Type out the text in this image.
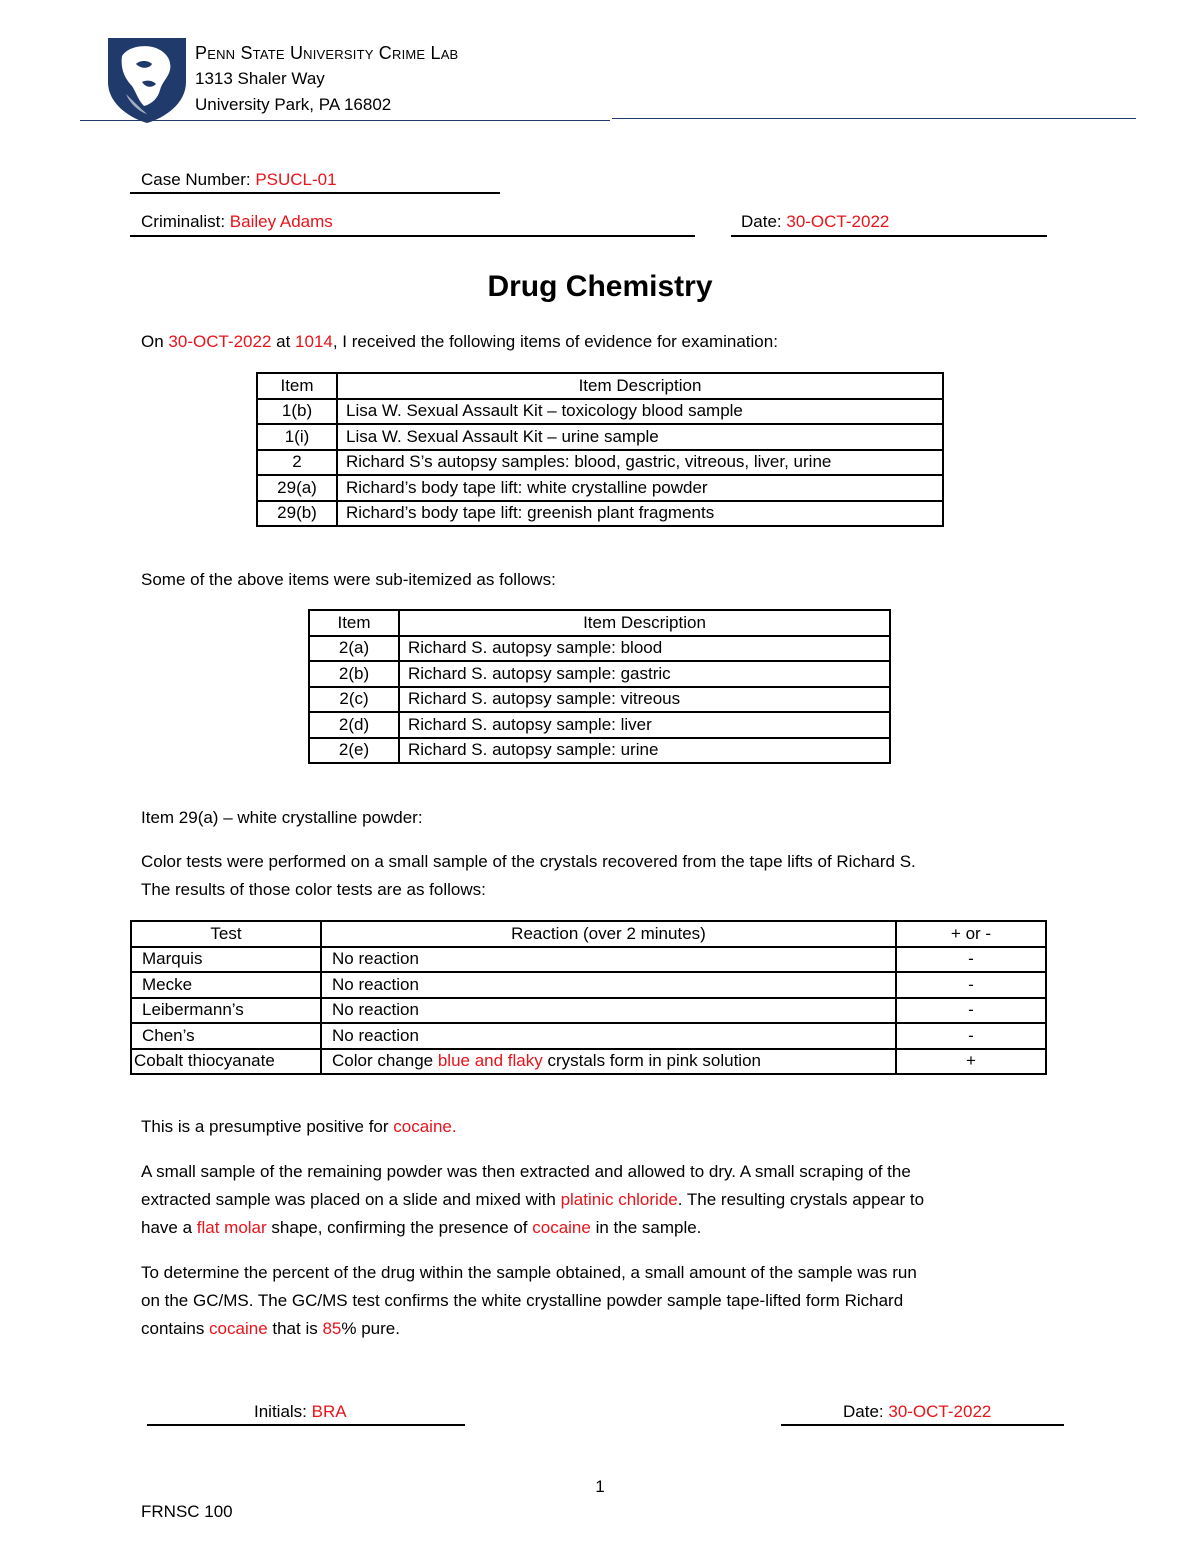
Penn State University Crime Lab
1313 Shaler Way
University Park, PA 16802
Case Number: PSUCL-01
Criminalist: Bailey Adams	Date: 30-OCT-2022
Drug Chemistry
On 30-OCT-2022 at 1014, I received the following items of evidence for examination:
Item	Item Description
1(b)	Lisa W. Sexual Assault Kit – toxicology blood sample
1(i)	Lisa W. Sexual Assault Kit – urine sample
2	Richard S’s autopsy samples: blood, gastric, vitreous, liver, urine
29(a)	Richard’s body tape lift: white crystalline powder
29(b)	Richard’s body tape lift: greenish plant fragments
Some of the above items were sub-itemized as follows:
Item	Item Description
2(a)	Richard S. autopsy sample: blood
2(b)	Richard S. autopsy sample: gastric
2(c)	Richard S. autopsy sample: vitreous
2(d)	Richard S. autopsy sample: liver
2(e)	Richard S. autopsy sample: urine
Item 29(a) – white crystalline powder:
Color tests were performed on a small sample of the crystals recovered from the tape lifts of Richard S.
The results of those color tests are as follows:
Test	Reaction (over 2 minutes)	+ or -
Marquis	No reaction	-
Mecke	No reaction	-
Leibermann’s	No reaction	-
Chen’s	No reaction	-
Cobalt thiocyanate	Color change blue and flaky crystals form in pink solution	+
This is a presumptive positive for cocaine.
A small sample of the remaining powder was then extracted and allowed to dry. A small scraping of the
extracted sample was placed on a slide and mixed with platinic chloride. The resulting crystals appear to
have a flat molar shape, confirming the presence of cocaine in the sample.
To determine the percent of the drug within the sample obtained, a small amount of the sample was run
on the GC/MS. The GC/MS test confirms the white crystalline powder sample tape-lifted form Richard
contains cocaine that is 85% pure.
Initials: BRA	Date: 30-OCT-2022
1
FRNSC 100
